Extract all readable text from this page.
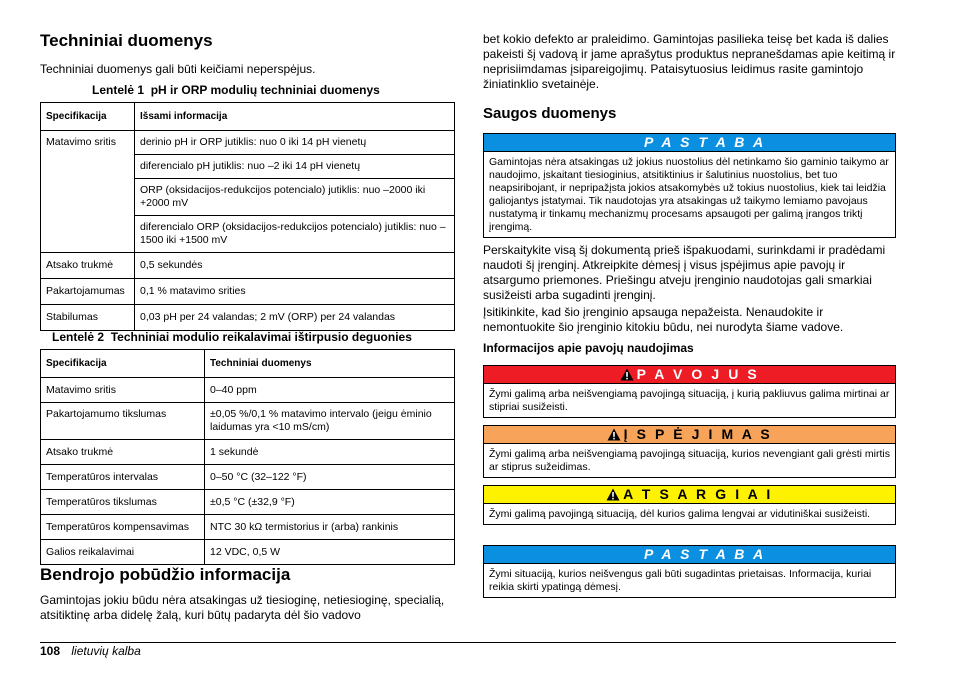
Techniniai duomenys
Techniniai duomenys gali būti keičiami neperspėjus.
Lentelė 1 pH ir ORP modulių techniniai duomenys
Specifikacija	Išsami informacija
Matavimo sritis	derinio pH ir ORP jutiklis: nuo 0 iki 14 pH vienetų
	diferencialo pH jutiklis: nuo –2 iki 14 pH vienetų
	ORP (oksidacijos-redukcijos potencialo) jutiklis: nuo –2000 iki +2000 mV
	diferencialo ORP (oksidacijos-redukcijos potencialo) jutiklis: nuo –1500 iki +1500 mV
Atsako trukmė	0,5 sekundės
Pakartojamumas	0,1 % matavimo srities
Stabilumas	0,03 pH per 24 valandas; 2 mV (ORP) per 24 valandas
Lentelė 2 Techniniai modulio reikalavimai ištirpusio deguonies
Specifikacija	Techniniai duomenys
Matavimo sritis	0–40 ppm
Pakartojamumo tikslumas	±0,05 %/0,1 % matavimo intervalo (jeigu ėminio laidumas yra <10 mS/cm)
Atsako trukmė	1 sekundė
Temperatūros intervalas	0–50 °C (32–122 °F)
Temperatūros tikslumas	±0,5 °C (±32,9 °F)
Temperatūros kompensavimas	NTC 30 kΩ termistorius ir (arba) rankinis
Galios reikalavimai	12 VDC, 0,5 W
Bendrojo pobūdžio informacija
Gamintojas jokiu būdu nėra atsakingas už tiesioginę, netiesioginę, specialią, atsitiktinę arba didelę žalą, kuri būtų padaryta dėl šio vadovo
bet kokio defekto ar praleidimo. Gamintojas pasilieka teisę bet kada iš dalies pakeisti šį vadovą ir jame aprašytus produktus nepranešdamas apie keitimą ir neprisiimdamas įsipareigojimų. Pataisytuosius leidimus rasite gamintojo žiniatinklio svetainėje.
Saugos duomenys
P A S T A B A
Gamintojas nėra atsakingas už jokius nuostolius dėl netinkamo šio gaminio taikymo ar naudojimo, įskaitant tiesioginius, atsitiktinius ir šalutinius nuostolius, bet tuo neapsiribojant, ir nepripažįsta jokios atsakomybės už tokius nuostolius, kiek tai leidžia galiojantys įstatymai. Tik naudotojas yra atsakingas už taikymo lemiamo pavojaus nustatymą ir tinkamų mechanizmų procesams apsaugoti per galimą įrangos triktį įrengimą.
Perskaitykite visą šį dokumentą prieš išpakuodami, surinkdami ir pradėdami naudoti šį įrenginį. Atkreipkite dėmesį į visus įspėjimus apie pavojų ir atsargumo priemones. Priešingu atveju įrenginio naudotojas gali smarkiai susižeisti arba sugadinti įrenginį.
Įsitikinkite, kad šio įrenginio apsauga nepažeista. Nenaudokite ir nemontuokite šio įrenginio kitokiu būdu, nei nurodyta šiame vadove.
Informacijos apie pavojų naudojimas
P A V O J U S
Žymi galimą arba neišvengiamą pavojingą situaciją, į kurią pakliuvus galima mirtinai ar stipriai susižeisti.
Į S P Ė J I M A S
Žymi galimą arba neišvengiamą pavojingą situaciją, kurios nevengiant gali grėsti mirtis ar stiprus sužeidimas.
A T S A R G I A I
Žymi galimą pavojingą situaciją, dėl kurios galima lengvai ar vidutiniškai susižeisti.
P A S T A B A
Žymi situaciją, kurios neišvengus gali būti sugadintas prietaisas. Informacija, kuriai reikia skirti ypatingą dėmesį.
108 lietuvių kalba
